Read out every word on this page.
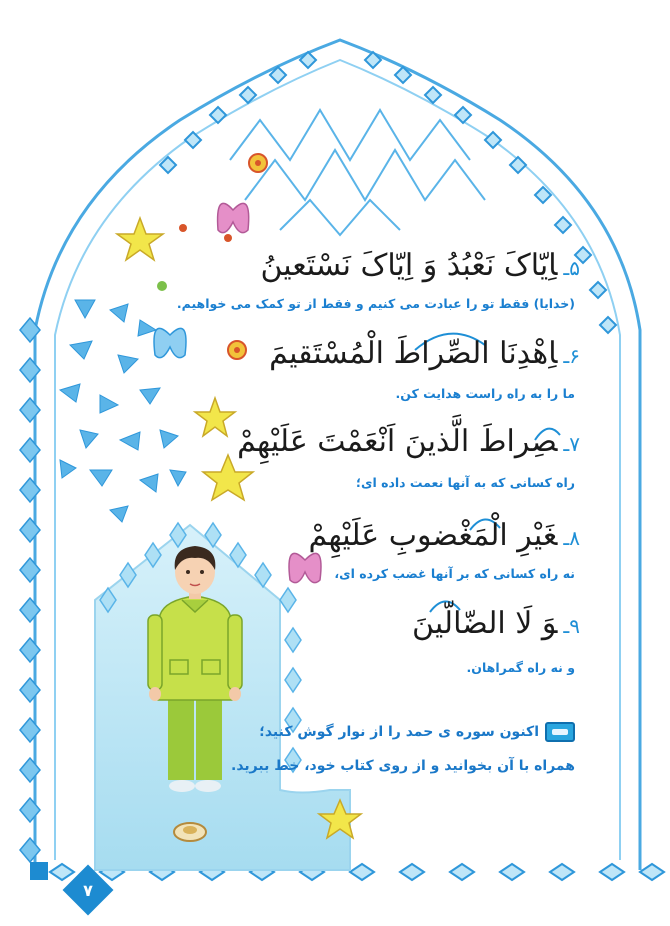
۵ـاِیّاکَ نَعْبُدُ وَ اِیّاکَ نَسْتَعینُ
(خدایا) فقط تو را عبادت می کنیم و فقط از تو کمک می خواهیم.
۶ـاِهْدِنَا الصِّراطَ الْمُسْتَقیمَ
ما را به راه راست هدایت کن.
۷ـصِراطَ الَّذینَ اَنْعَمْتَ عَلَیْهِمْ
راه کسانی که به آنها نعمت داده ای؛
۸ـغَیْرِ الْمَغْضوبِ عَلَیْهِمْ
نه راه کسانی که بر آنها غضب کرده ای،
۹ـوَ لَا الضّالّینَ
و نه راه گمراهان.
اکنون سوره ی حمد را از نوار گوش کنید؛
همراه با آن بخوانید و از روی کتاب خود، خط ببرید.
۷
